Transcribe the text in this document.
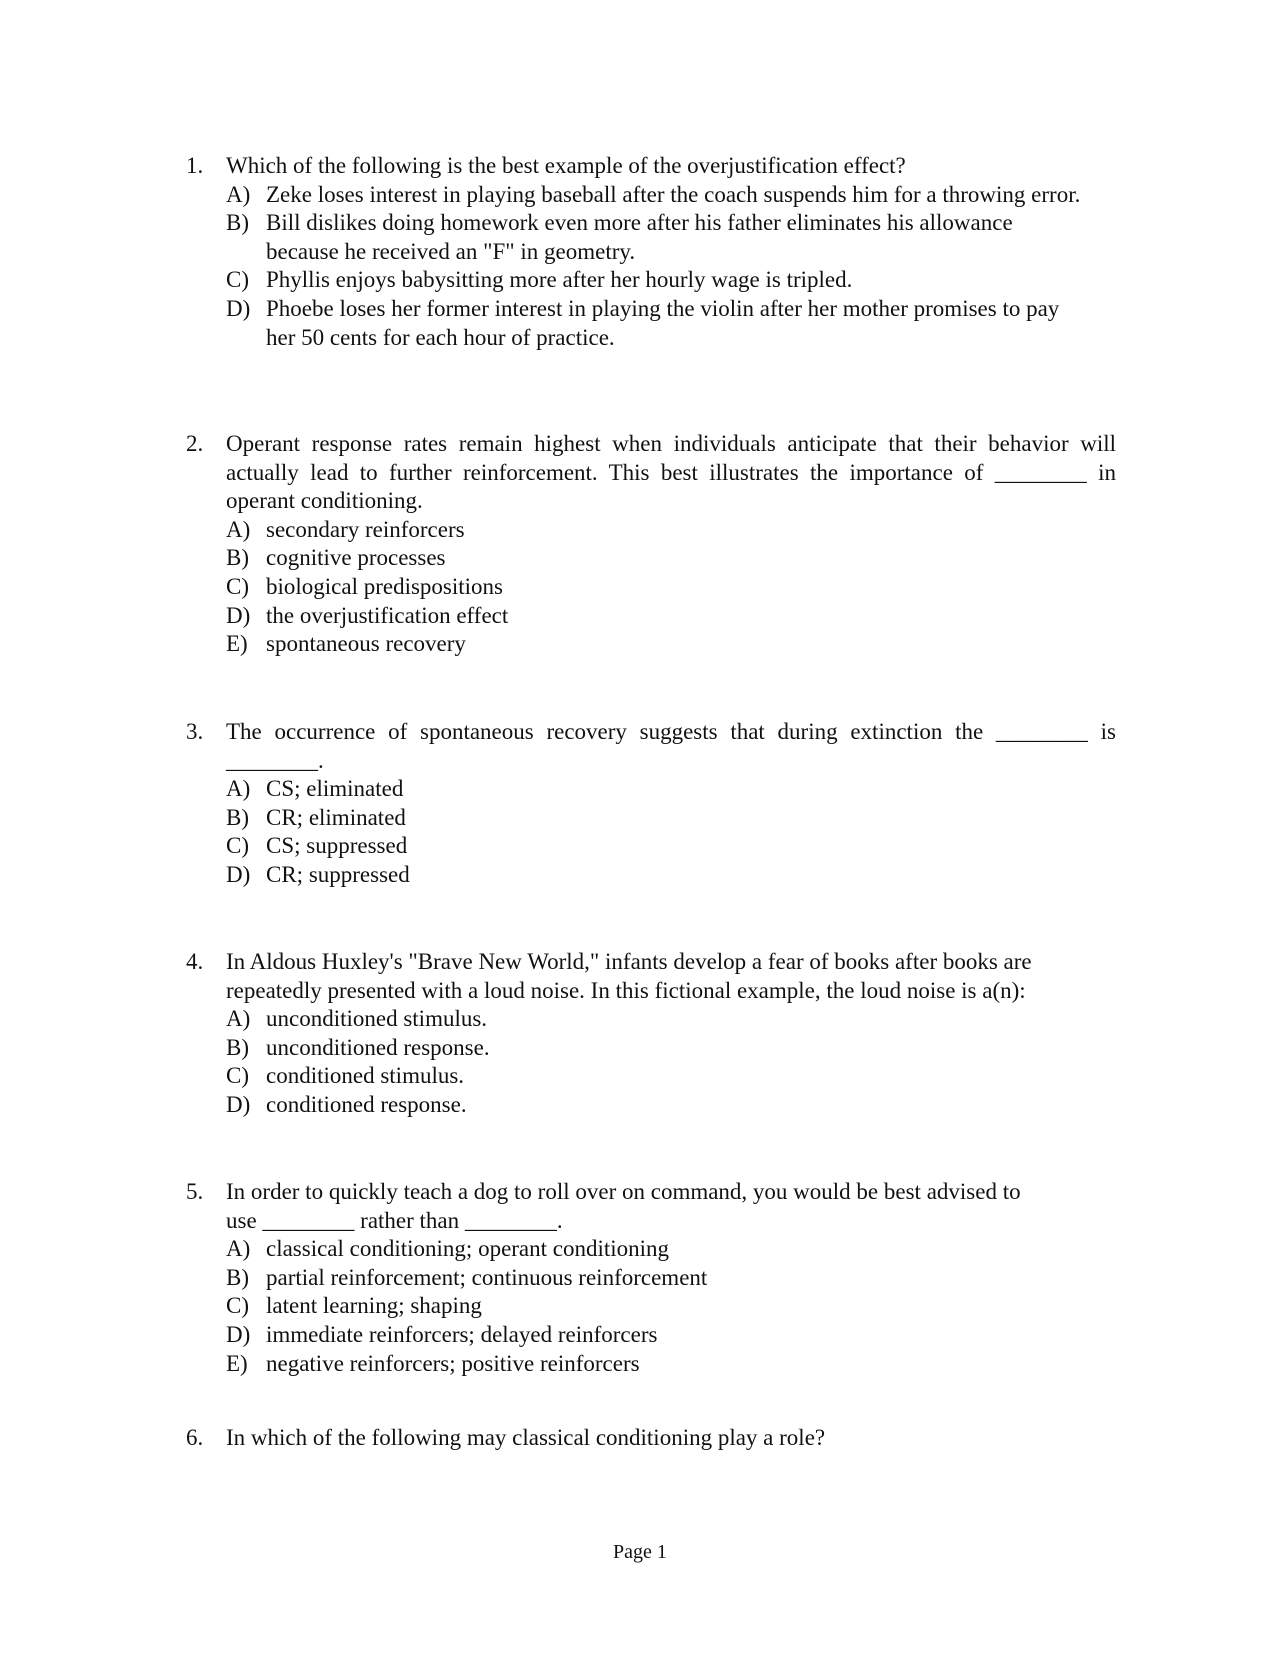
1. Which of the following is the best example of the overjustification effect?
A) Zeke loses interest in playing baseball after the coach suspends him for a throwing error.
B) Bill dislikes doing homework even more after his father eliminates his allowance because he received an "F" in geometry.
C) Phyllis enjoys babysitting more after her hourly wage is tripled.
D) Phoebe loses her former interest in playing the violin after her mother promises to pay her 50 cents for each hour of practice.
2. Operant response rates remain highest when individuals anticipate that their behavior will
actually lead to further reinforcement. This best illustrates the importance of ________ in
operant conditioning.
A) secondary reinforcers
B) cognitive processes
C) biological predispositions
D) the overjustification effect
E) spontaneous recovery
3. The occurrence of spontaneous recovery suggests that during extinction the ________ is
________.
A) CS; eliminated
B) CR; eliminated
C) CS; suppressed
D) CR; suppressed
4. In Aldous Huxley's "Brave New World," infants develop a fear of books after books are
repeatedly presented with a loud noise. In this fictional example, the loud noise is a(n):
A) unconditioned stimulus.
B) unconditioned response.
C) conditioned stimulus.
D) conditioned response.
5. In order to quickly teach a dog to roll over on command, you would be best advised to
use ________ rather than ________.
A) classical conditioning; operant conditioning
B) partial reinforcement; continuous reinforcement
C) latent learning; shaping
D) immediate reinforcers; delayed reinforcers
E) negative reinforcers; positive reinforcers
6. In which of the following may classical conditioning play a role?
Page 1
